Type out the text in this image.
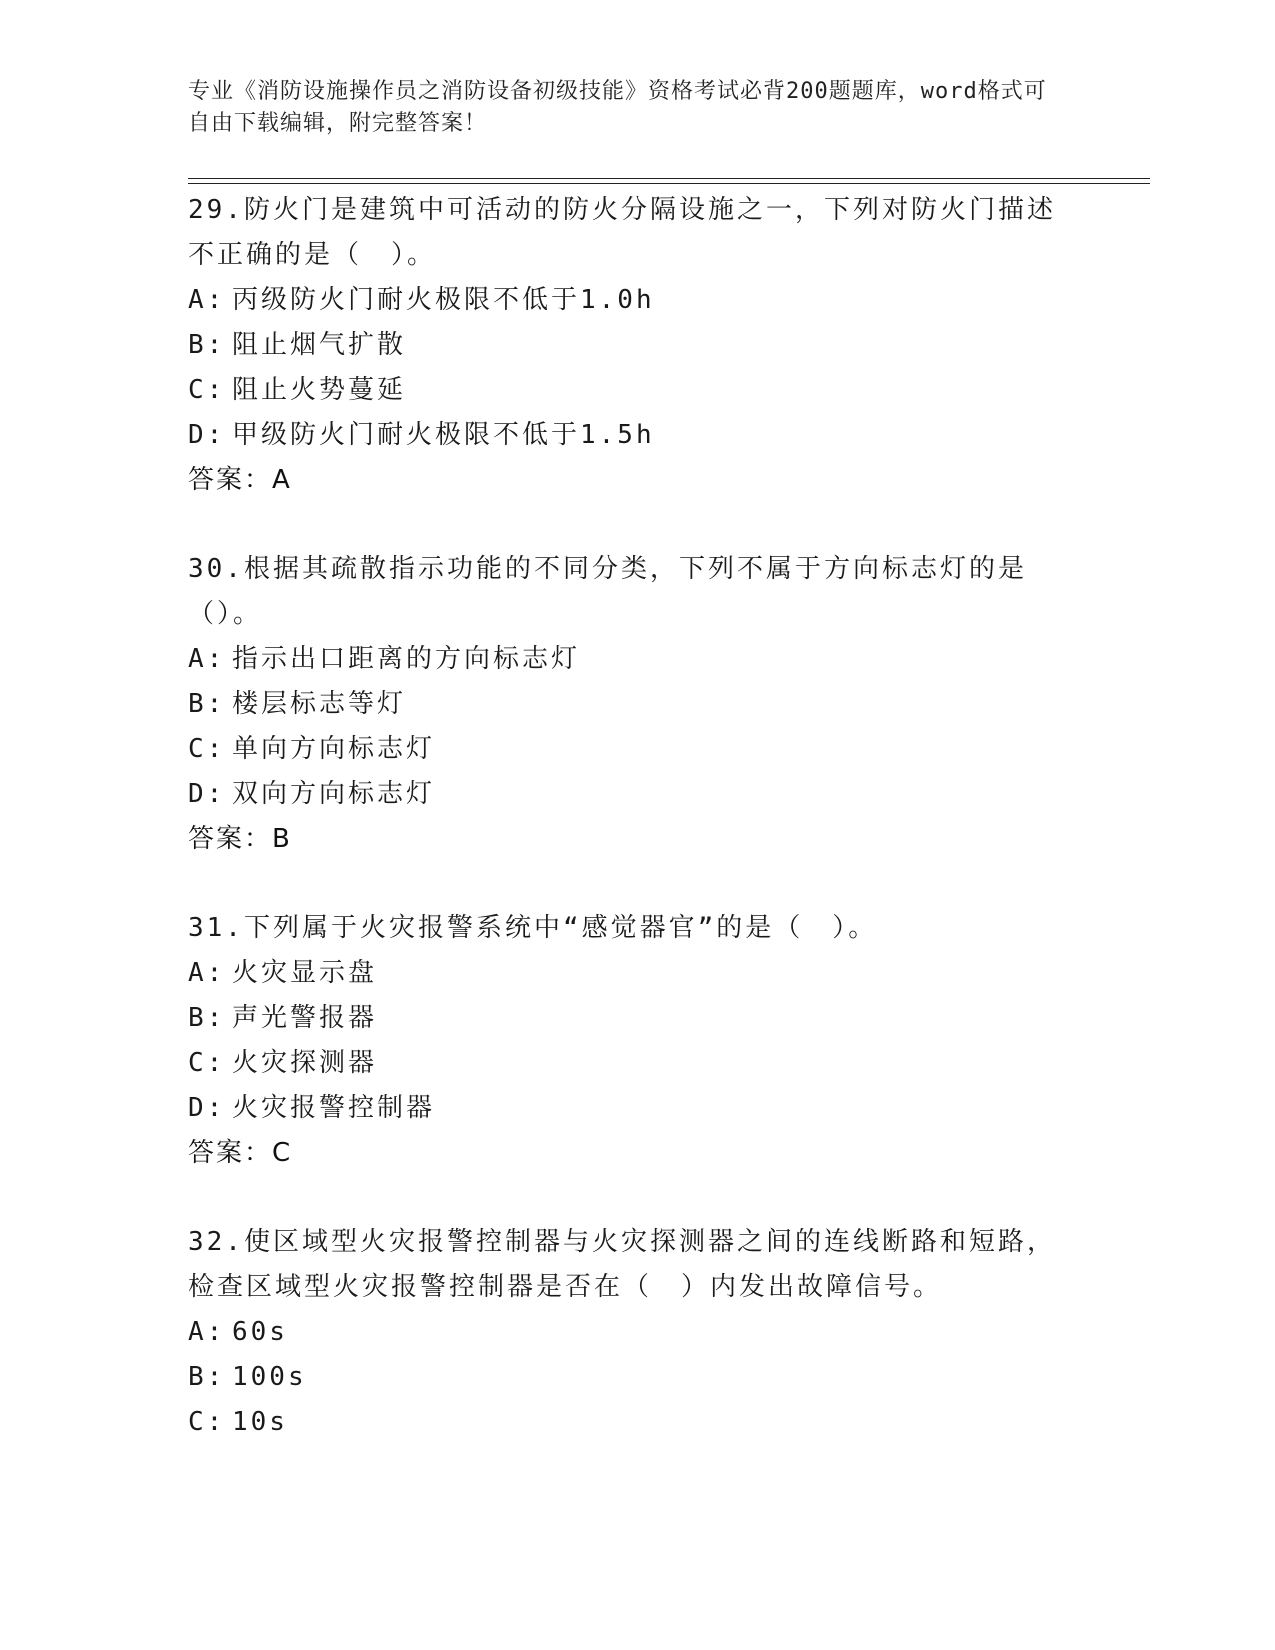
专业《消防设施操作员之消防设备初级技能》资格考试必背200题题库，word格式可自由下载编辑，附完整答案！
29.防火门是建筑中可活动的防火分隔设施之一，下列对防火门描述不正确的是（　）。
A: 丙级防火门耐火极限不低于1.0h
B: 阻止烟气扩散
C: 阻止火势蔓延
D: 甲级防火门耐火极限不低于1.5h
答案：A
30.根据其疏散指示功能的不同分类，下列不属于方向标志灯的是（）。
A: 指示出口距离的方向标志灯
B: 楼层标志等灯
C: 单向方向标志灯
D: 双向方向标志灯
答案：B
31.下列属于火灾报警系统中“感觉器官”的是（　）。
A: 火灾显示盘
B: 声光警报器
C: 火灾探测器
D: 火灾报警控制器
答案：C
32.使区域型火灾报警控制器与火灾探测器之间的连线断路和短路，检查区域型火灾报警控制器是否在（　）内发出故障信号。
A: 60s
B: 100s
C: 10s
